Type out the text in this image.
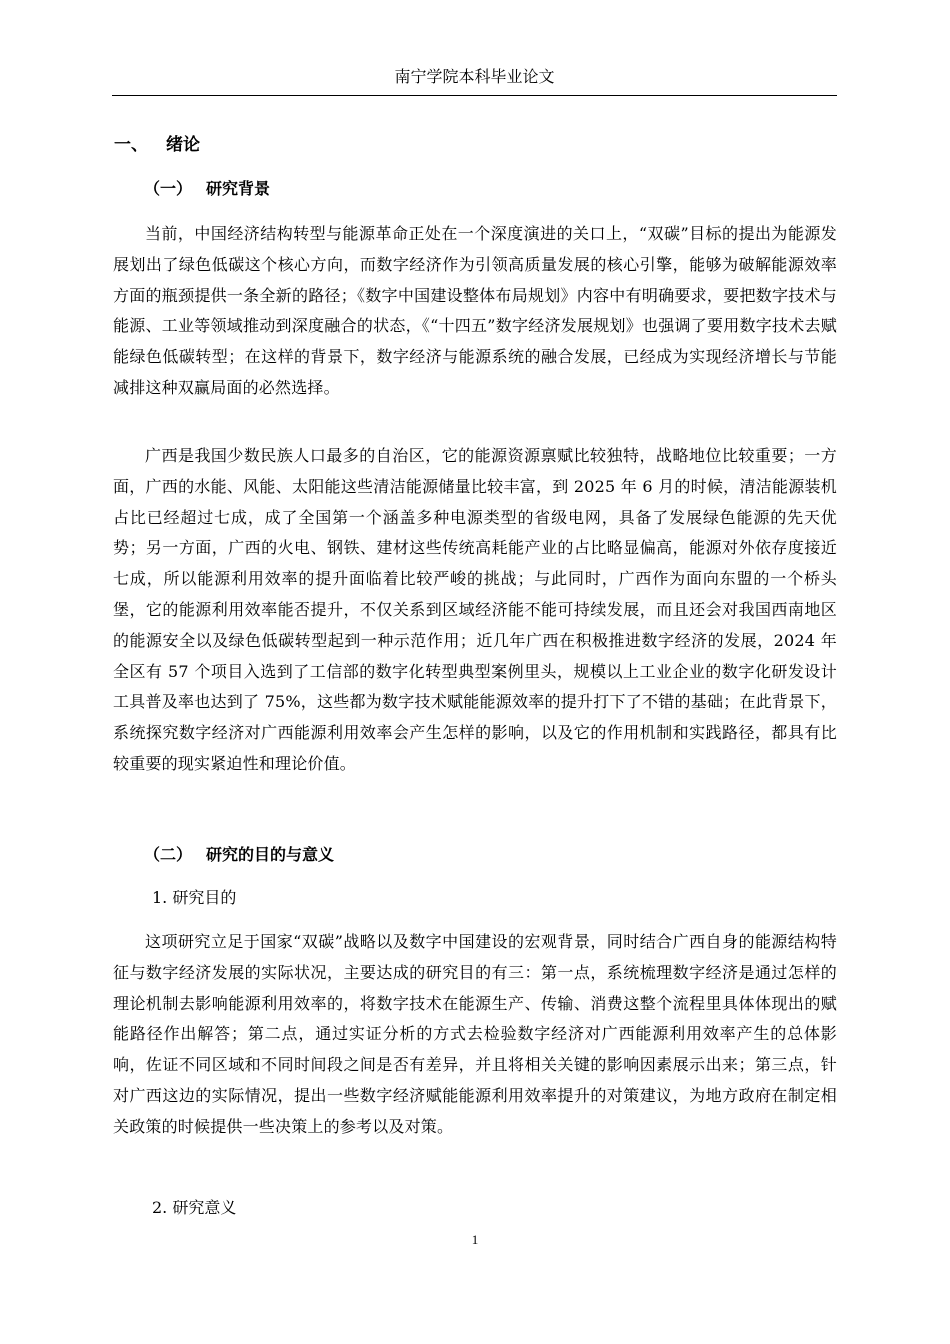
南宁学院本科毕业论文
一、 绪论
（一） 研究背景

当前，中国经济结构转型与能源革命正处在一个深度演进的关口上，“双碳”目标的提出为能源发展划出了绿色低碳这个核心方向，而数字经济作为引领高质量发展的核心引擎，能够为破解能源效率方面的瓶颈提供一条全新的路径；《数字中国建设整体布局规划》内容中有明确要求，要把数字技术与能源、工业等领域推动到深度融合的状态，《“十四五”数字经济发展规划》也强调了要用数字技术去赋能绿色低碳转型；在这样的背景下，数字经济与能源系统的融合发展，已经成为实现经济增长与节能减排这种双赢局面的必然选择。

广西是我国少数民族人口最多的自治区，它的能源资源禀赋比较独特，战略地位比较重要；一方面，广西的水能、风能、太阳能这些清洁能源储量比较丰富，到 2025 年 6 月的时候，清洁能源装机占比已经超过七成，成了全国第一个涵盖多种电源类型的省级电网，具备了发展绿色能源的先天优势；另一方面，广西的火电、钢铁、建材这些传统高耗能产业的占比略显偏高，能源对外依存度接近七成，所以能源利用效率的提升面临着比较严峻的挑战；与此同时，广西作为面向东盟的一个桥头堡，它的能源利用效率能否提升，不仅关系到区域经济能不能可持续发展，而且还会对我国西南地区的能源安全以及绿色低碳转型起到一种示范作用；近几年广西在积极推进数字经济的发展，2024 年全区有 57 个项目入选到了工信部的数字化转型典型案例里头，规模以上工业企业的数字化研发设计工具普及率也达到了 75%，这些都为数字技术赋能能源效率的提升打下了不错的基础；在此背景下，系统探究数字经济对广西能源利用效率会产生怎样的影响，以及它的作用机制和实践路径，都具有比较重要的现实紧迫性和理论价值。

（二） 研究的目的与意义
1. 研究目的

这项研究立足于国家“双碳”战略以及数字中国建设的宏观背景，同时结合广西自身的能源结构特征与数字经济发展的实际状况，主要达成的研究目的有三：第一点，系统梳理数字经济是通过怎样的理论机制去影响能源利用效率的，将数字技术在能源生产、传输、消费这整个流程里具体体现出的赋能路径作出解答；第二点，通过实证分析的方式去检验数字经济对广西能源利用效率产生的总体影响，佐证不同区域和不同时间段之间是否有差异，并且将相关关键的影响因素展示出来；第三点，针对广西这边的实际情况，提出一些数字经济赋能能源利用效率提升的对策建议，为地方政府在制定相关政策的时候提供一些决策上的参考以及对策。

2. 研究意义
1
